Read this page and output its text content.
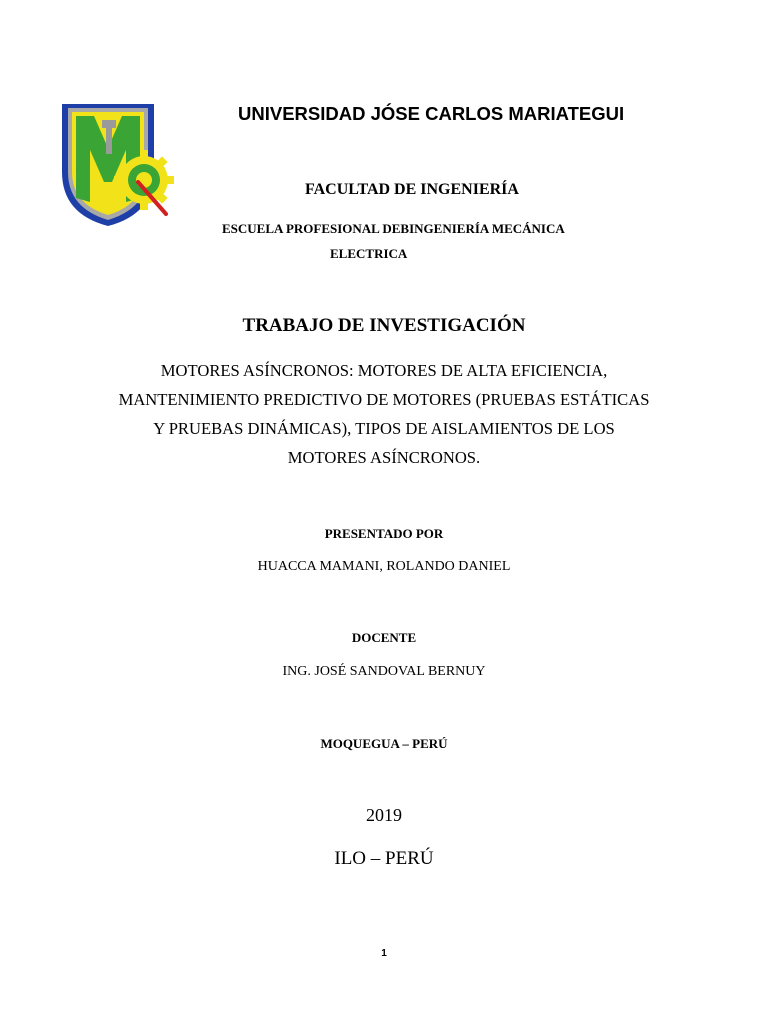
UNIVERSIDAD JÓSE CARLOS MARIATEGUI
FACULTAD DE INGENIERÍA
ESCUELA PROFESIONAL DEBINGENIERÍA MECÁNICA
ELECTRICA
TRABAJO DE INVESTIGACIÓN
MOTORES ASÍNCRONOS: MOTORES DE ALTA EFICIENCIA,
MANTENIMIENTO PREDICTIVO DE MOTORES (PRUEBAS ESTÁTICAS
Y PRUEBAS DINÁMICAS), TIPOS DE AISLAMIENTOS DE LOS
MOTORES ASÍNCRONOS.
PRESENTADO POR
HUACCA MAMANI, ROLANDO DANIEL
DOCENTE
ING. JOSÉ SANDOVAL BERNUY
MOQUEGUA – PERÚ
2019
ILO – PERÚ
1
